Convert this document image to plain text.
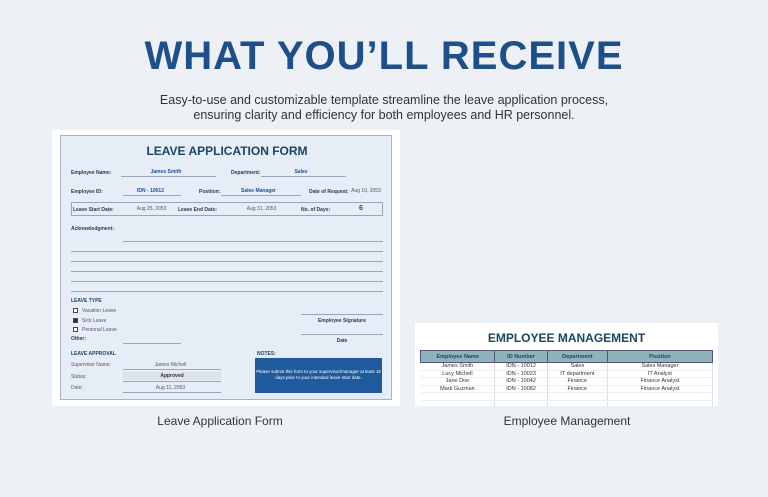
WHAT YOU’LL RECEIVE
Easy-to-use and customizable template streamline the leave application process,
ensuring clarity and efficiency for both employees and HR personnel.
LEAVE APPLICATION FORM
Employee Name:	James Smith	Department:	Sales
Employee ID:	IDN - 10012	Position:	Sales Manager	Date of Request: Aug 10, 2053
Leave Start Date:	Aug 25, 2053	Leave End Date:	Aug 31, 2053	No. of Days:	6
Acknowledgment:
LEAVE TYPE
Vacation Leave
Sick Leave
Personal Leave
Other:
Employee Signature
Date
LEAVE APPROVAL
Supervisor Name:	James Michell
Status:	Approved
Date:	Aug 11, 2053
NOTES:
Please submit this form to your supervisor/manager at least 15 days prior to your intended leave start date.
EMPLOYEE MANAGEMENT
Employee Name	ID Number	Department	Position
James Smith	IDN - 10012	Sales	Sales Manager
Lucy Michell	IDN - 10023	IT department	IT Analyst
Jane Doe	IDN - 10042	Finance	Finance Analyst
Mark Guzman	IDN - 10082	Finance	Finance Analyst

Leave Application Form	Employee Management
